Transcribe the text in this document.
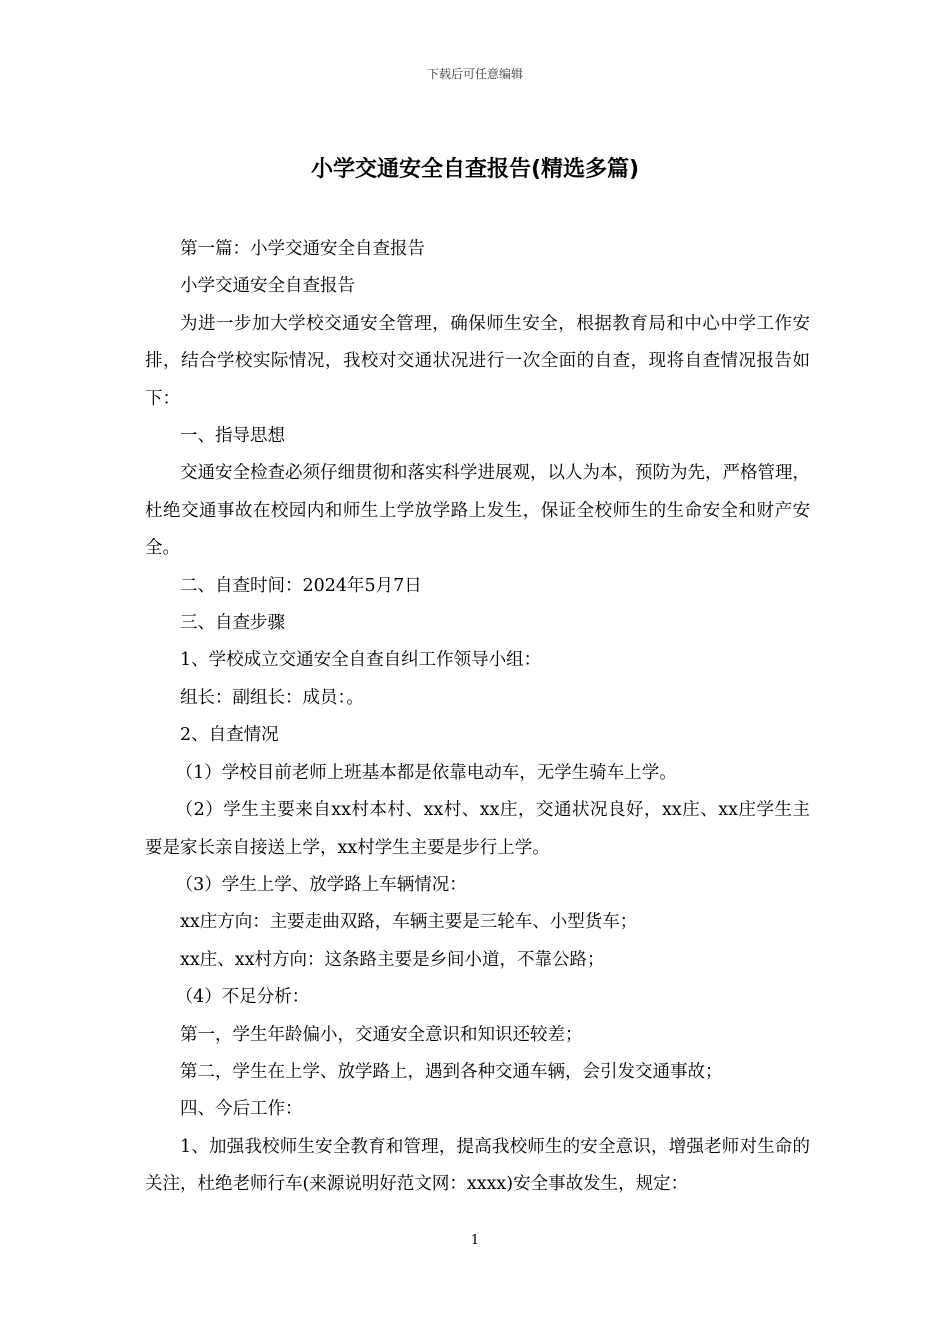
下载后可任意编辑
小学交通安全自查报告(精选多篇)

第一篇：小学交通安全自查报告

小学交通安全自查报告

为进一步加大学校交通安全管理，确保师生安全，根据教育局和中心中学工作安排，结合学校实际情况，我校对交通状况进行一次全面的自查，现将自查情况报告如下：

一、指导思想

交通安全检查必须仔细贯彻和落实科学进展观，以人为本，预防为先，严格管理，杜绝交通事故在校园内和师生上学放学路上发生，保证全校师生的生命安全和财产安全。

二、自查时间：2024年5月7日

三、自查步骤

1、学校成立交通安全自查自纠工作领导小组：

组长：副组长：成员：。

2、自查情况

（1）学校目前老师上班基本都是依靠电动车，无学生骑车上学。

（2）学生主要来自xx村本村、xx村、xx庄，交通状况良好，xx庄、xx庄学生主要是家长亲自接送上学，xx村学生主要是步行上学。

（3）学生上学、放学路上车辆情况：

xx庄方向：主要走曲双路，车辆主要是三轮车、小型货车；

xx庄、xx村方向：这条路主要是乡间小道，不靠公路；

（4）不足分析：

第一，学生年龄偏小，交通安全意识和知识还较差；

第二，学生在上学、放学路上，遇到各种交通车辆，会引发交通事故；

四、今后工作：

1、加强我校师生安全教育和管理，提高我校师生的安全意识，增强老师对生命的关注，杜绝老师行车(来源说明好范文网：xxxx)安全事故发生，规定：

1
